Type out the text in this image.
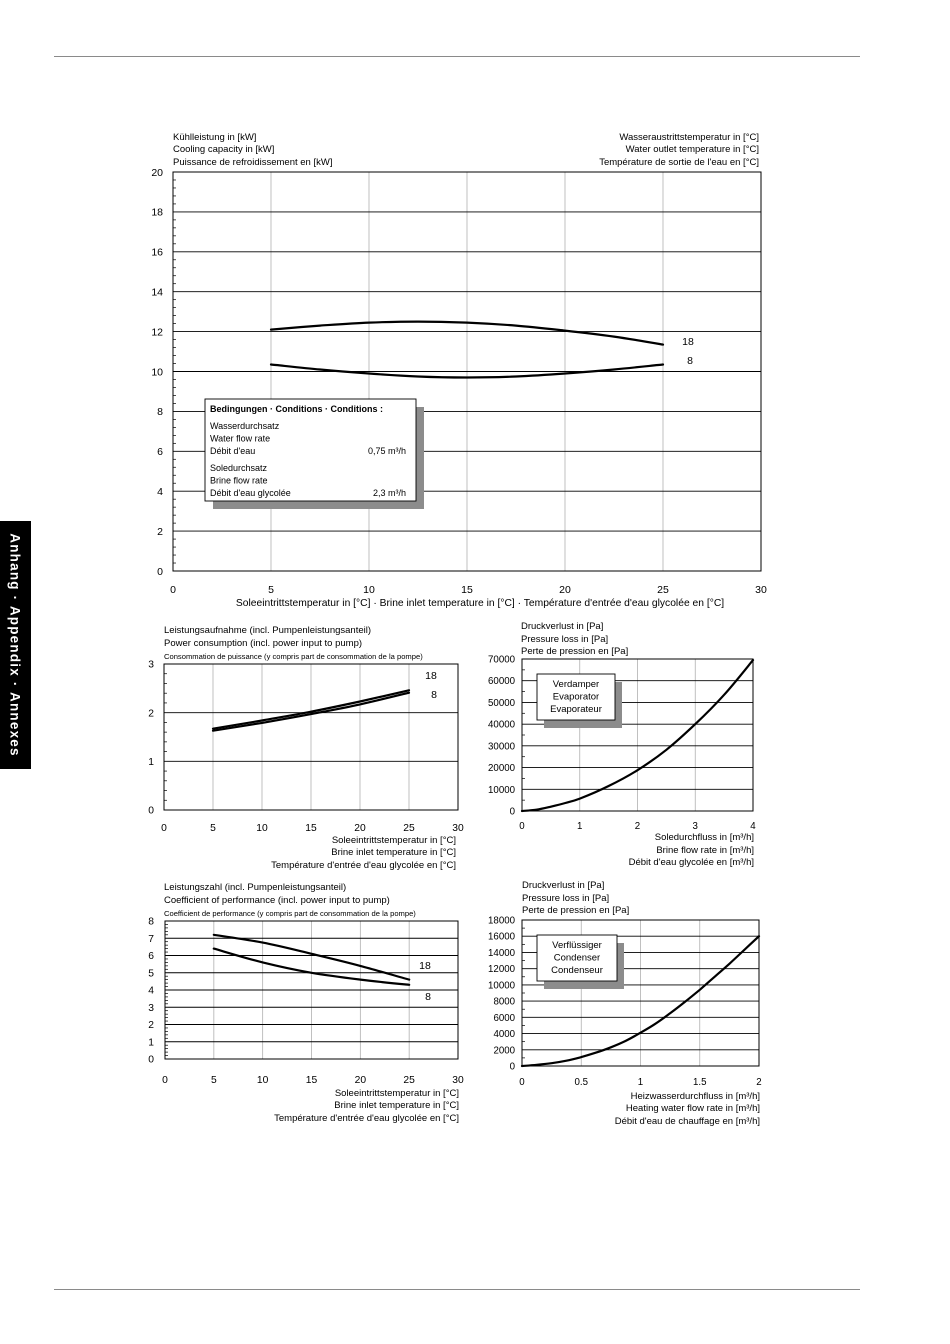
Anhang · Appendix · Annexes	0
2
4
6
8
10
12
14
16
18
20
0	5	10	15	20	25	30
Kühlleistung in [kW]
Cooling capacity in [kW]
Puissance de refroidissement en [kW]
Wasseraustrittstemperatur in [°C]
Water outlet temperature in [°C]
Température de sortie de l'eau en [°C]
Soleeintrittstemperatur in [°C] · Brine inlet temperature in [°C] · Température d'entrée d'eau glycolée en [°C]
18
8
Bedingungen · Conditions · Conditions :
Wasserdurchsatz
Water flow rate
Débit d'eau	0,75 m³/h
Soledurchsatz
Brine flow rate
Débit d'eau glycolée	2,3 m³/h
0
1
2
3
0	5	10	15	20	25	30
Leistungsaufnahme (incl. Pumpenleistungsanteil)
Power consumption (incl. power input to pump)
Consommation de puissance (y compris part de consommation de la pompe)
Soleeintrittstemperatur in [°C]
Brine inlet temperature in [°C]
Température d'entrée d'eau glycolée en [°C]
18
8
0
10000
20000
30000
40000
50000
60000
70000
0	1	2	3	4
Druckverlust in [Pa]
Pressure loss in [Pa]
Perte de pression en [Pa]
Soledurchfluss in [m³/h]
Brine flow rate in [m³/h]
Débit d'eau glycolée en [m³/h]
Verdamper
Evaporator
Evaporateur
0
1
2
3
4
5
6
7
8
0	5	10	15	20	25	30
Leistungszahl (incl. Pumpenleistungsanteil)
Coefficient of performance (incl. power input to pump)
Coefficient de performance (y compris part de consommation de la pompe)
Soleeintrittstemperatur in [°C]
Brine inlet temperature in [°C]
Température d'entrée d'eau glycolée en [°C]
18
8
0
2000
4000
6000
8000
10000
12000
14000
16000
18000
0	0.5	1	1.5	2
Druckverlust in [Pa]
Pressure loss in [Pa]
Perte de pression en [Pa]
Heizwasserdurchfluss in [m³/h]
Heating water flow rate in [m³/h]
Débit d'eau de chauffage en [m³/h]
Verflüssiger
Condenser
Condenseur
